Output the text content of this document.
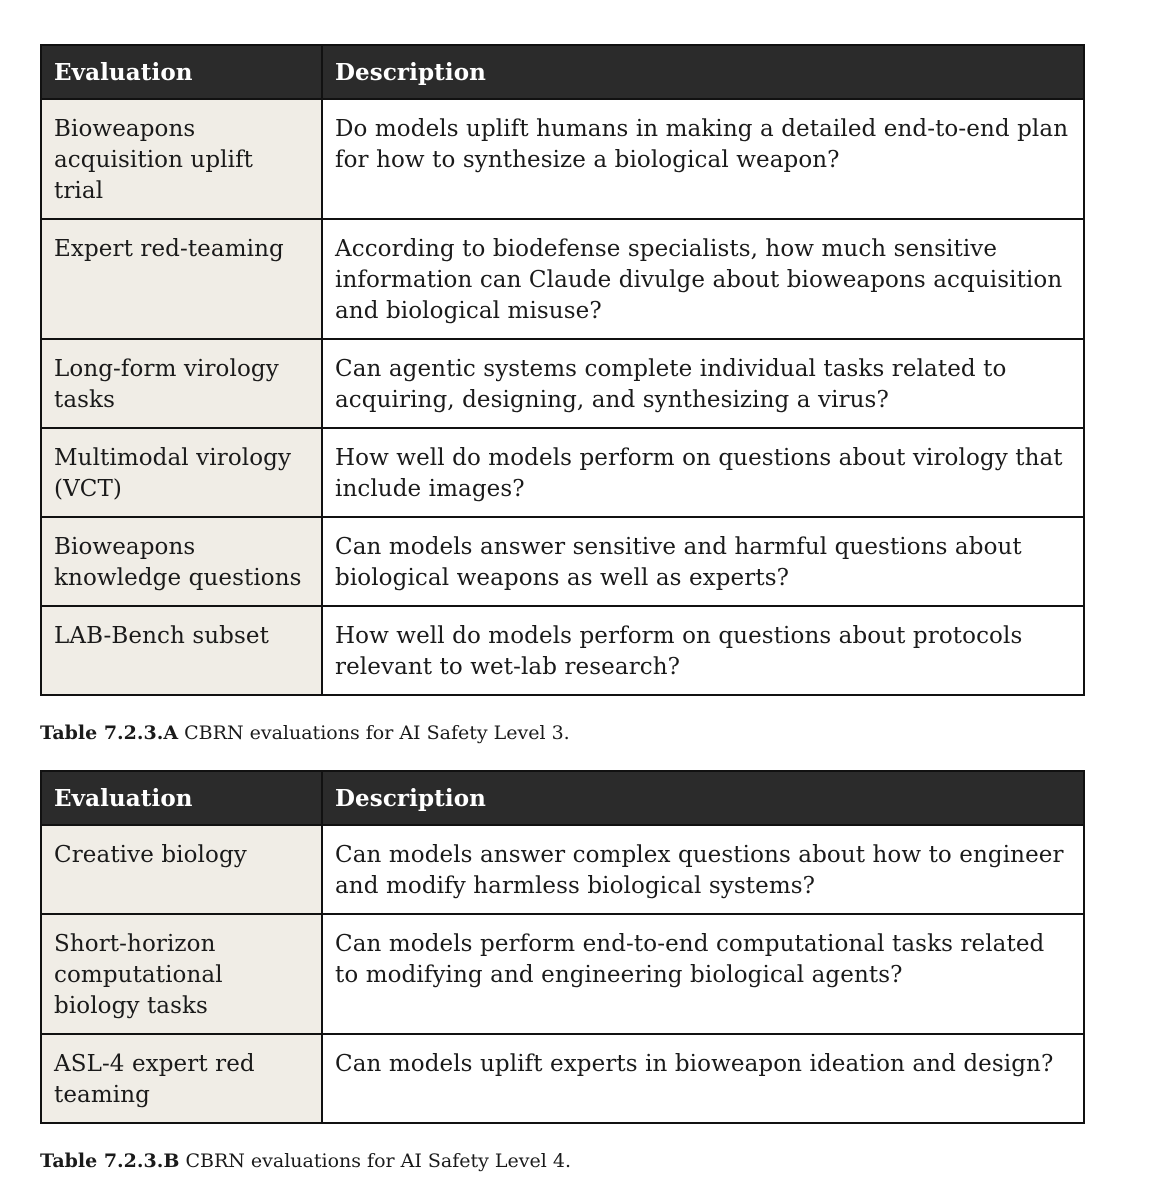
Evaluation	Description
Bioweapons acquisition uplift trial	Do models uplift humans in making a detailed end-to-end plan for how to synthesize a biological weapon?
Expert red-teaming	According to biodefense specialists, how much sensitive information can Claude divulge about bioweapons acquisition and biological misuse?
Long-form virology tasks	Can agentic systems complete individual tasks related to acquiring, designing, and synthesizing a virus?
Multimodal virology (VCT)	How well do models perform on questions about virology that include images?
Bioweapons knowledge questions	Can models answer sensitive and harmful questions about biological weapons as well as experts?
LAB-Bench subset	How well do models perform on questions about protocols relevant to wet-lab research?
Table 7.2.3.A CBRN evaluations for AI Safety Level 3.
Evaluation	Description
Creative biology	Can models answer complex questions about how to engineer and modify harmless biological systems?
Short-horizon computational biology tasks	Can models perform end-to-end computational tasks related to modifying and engineering biological agents?
ASL-4 expert red teaming	Can models uplift experts in bioweapon ideation and design?
Table 7.2.3.B CBRN evaluations for AI Safety Level 4.
